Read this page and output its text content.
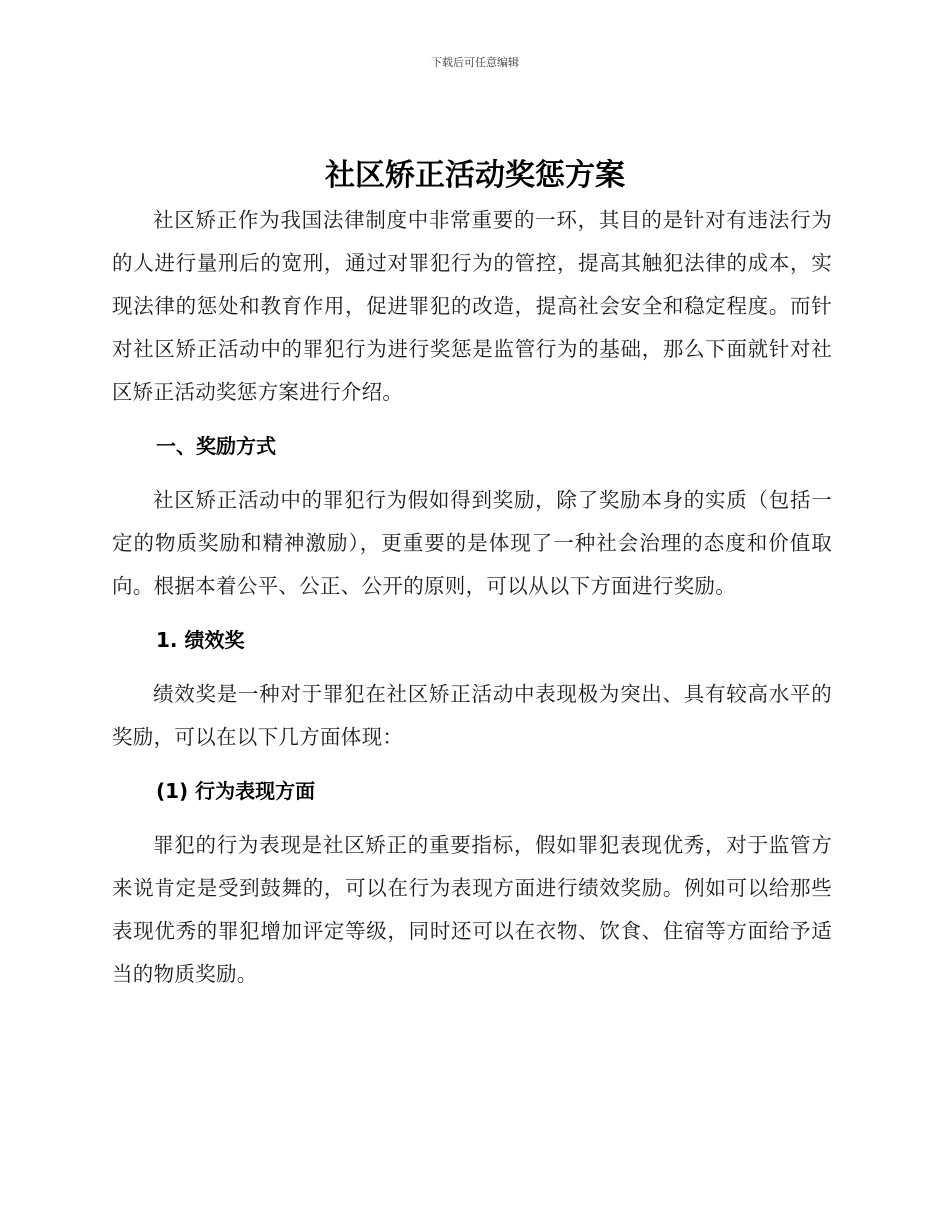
下载后可任意编辑
社区矫正活动奖惩方案

社区矫正作为我国法律制度中非常重要的一环，其目的是针对有违法行为的人进行量刑后的宽刑，通过对罪犯行为的管控，提高其触犯法律的成本，实现法律的惩处和教育作用，促进罪犯的改造，提高社会安全和稳定程度。而针对社区矫正活动中的罪犯行为进行奖惩是监管行为的基础，那么下面就针对社区矫正活动奖惩方案进行介绍。

一、奖励方式

社区矫正活动中的罪犯行为假如得到奖励，除了奖励本身的实质（包括一定的物质奖励和精神激励），更重要的是体现了一种社会治理的态度和价值取向。根据本着公平、公正、公开的原则，可以从以下方面进行奖励。

1. 绩效奖

绩效奖是一种对于罪犯在社区矫正活动中表现极为突出、具有较高水平的奖励，可以在以下几方面体现：

(1) 行为表现方面

罪犯的行为表现是社区矫正的重要指标，假如罪犯表现优秀，对于监管方来说肯定是受到鼓舞的，可以在行为表现方面进行绩效奖励。例如可以给那些表现优秀的罪犯增加评定等级，同时还可以在衣物、饮食、住宿等方面给予适当的物质奖励。
